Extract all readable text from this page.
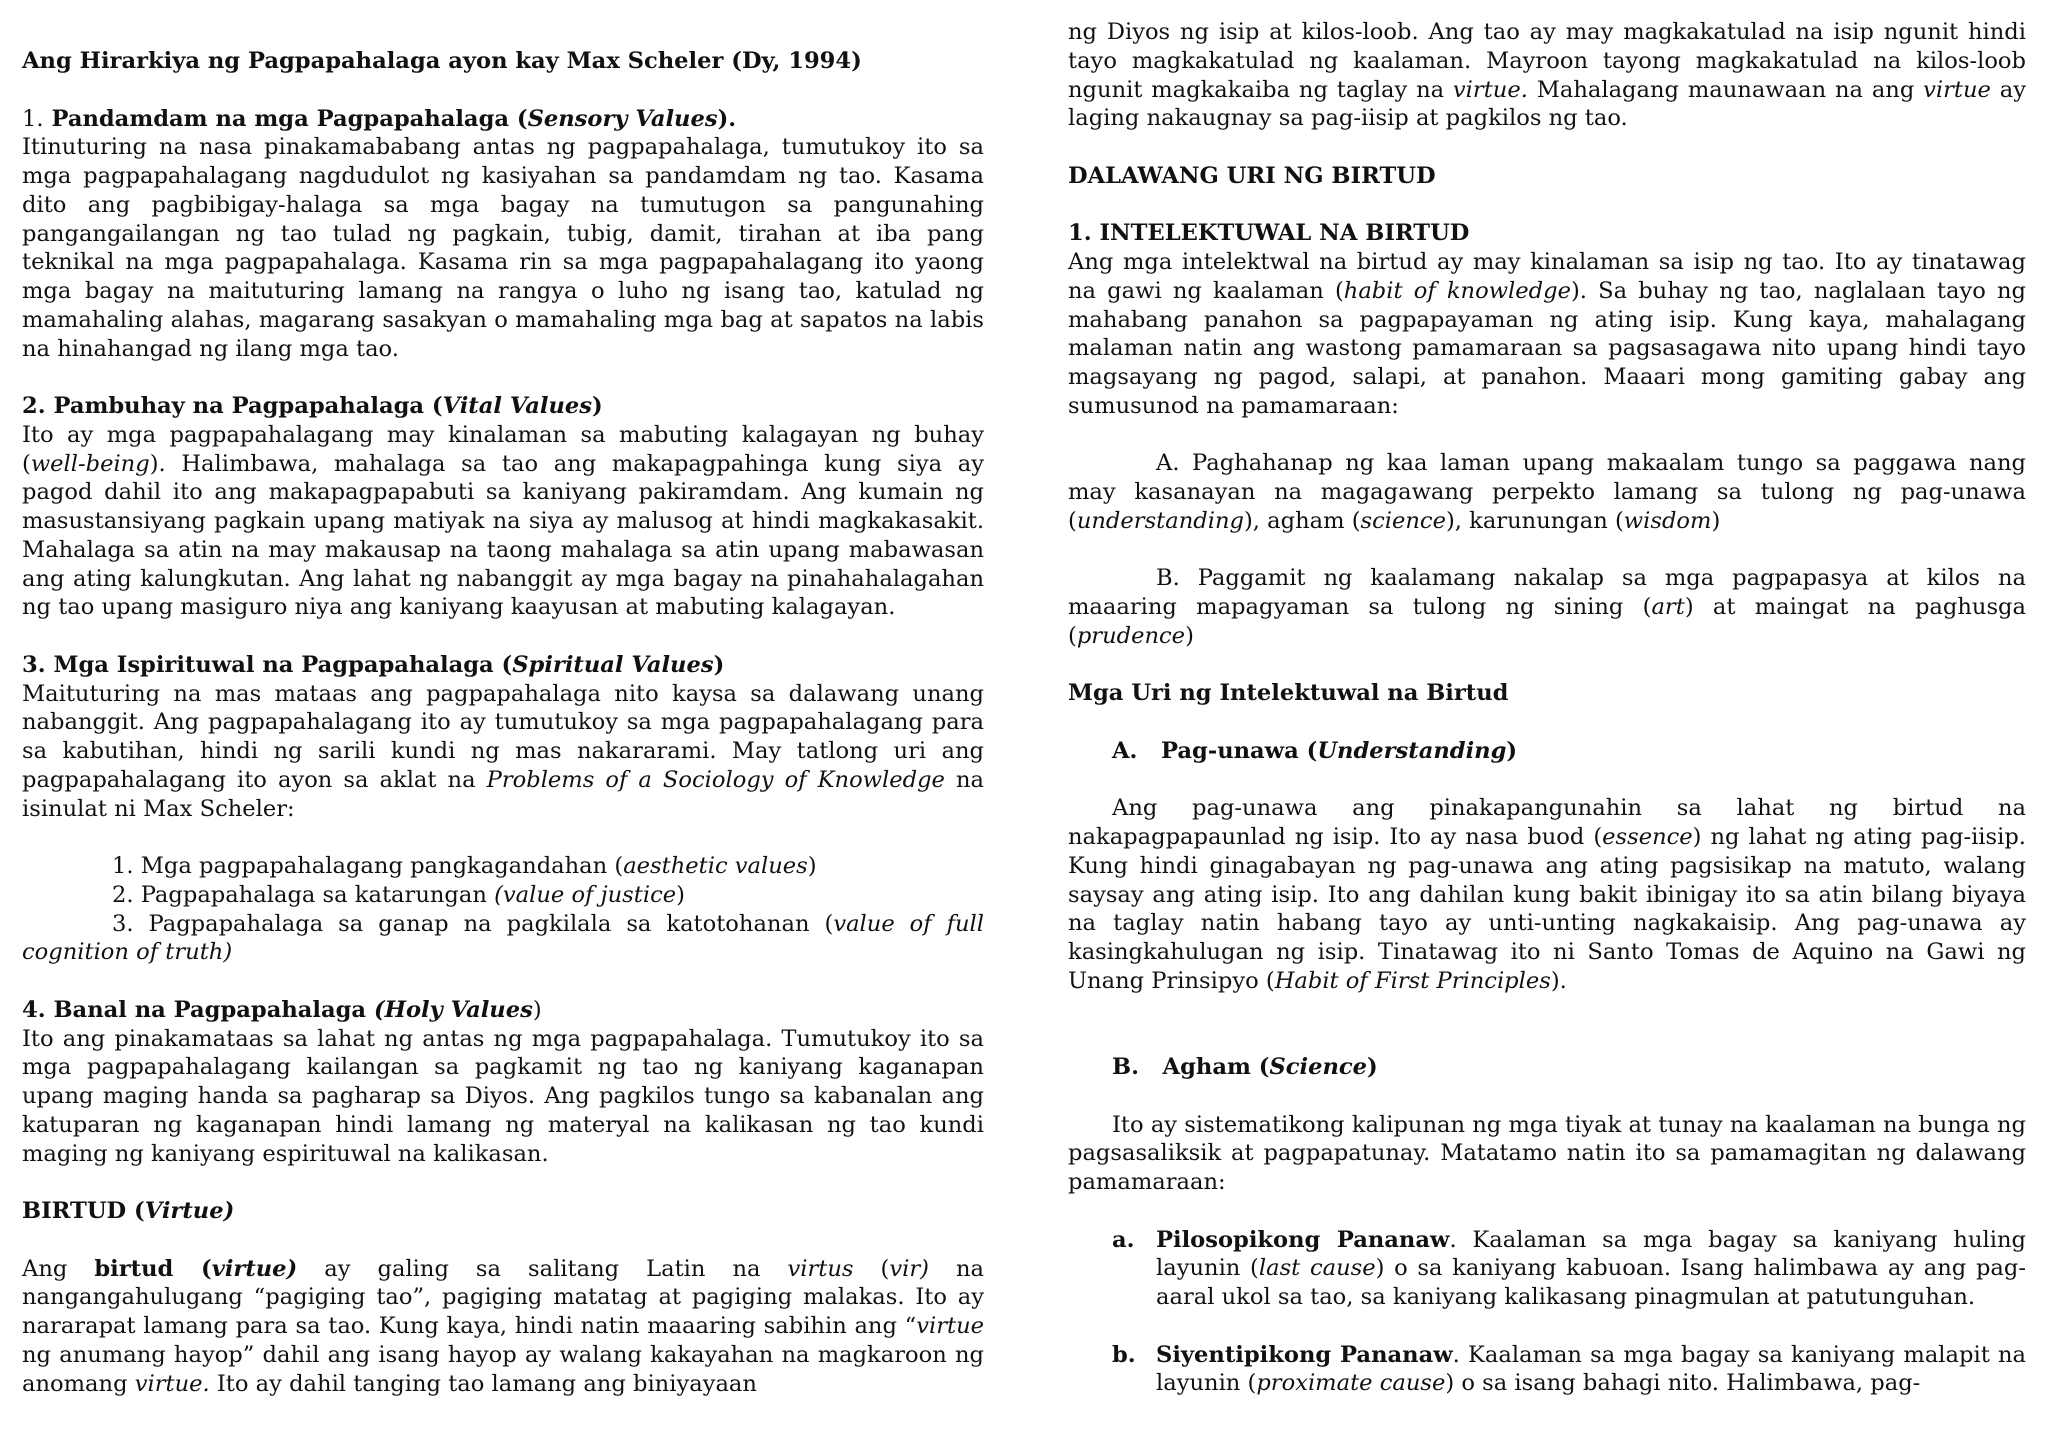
Ang Hirarkiya ng Pagpapahalaga ayon kay Max Scheler (Dy, 1994)

1. Pandamdam na mga Pagpapahalaga (Sensory Values).

Itinuturing na nasa pinakamababang antas ng pagpapahalaga, tumutukoy ito sa mga pagpapahalagang nagdudulot ng kasiyahan sa pandamdam ng tao. Kasama dito ang pagbibigay-halaga sa mga bagay na tumutugon sa pangunahing pangangailangan ng tao tulad ng pagkain, tubig, damit, tirahan at iba pang teknikal na mga pagpapahalaga. Kasama rin sa mga pagpapahalagang ito yaong mga bagay na maituturing lamang na rangya o luho ng isang tao, katulad ng mamahaling alahas, magarang sasakyan o mamahaling mga bag at sapatos na labis na hinahangad ng ilang mga tao.

2. Pambuhay na Pagpapahalaga (Vital Values)

Ito ay mga pagpapahalagang may kinalaman sa mabuting kalagayan ng buhay (well-being). Halimbawa, mahalaga sa tao ang makapagpahinga kung siya ay pagod dahil ito ang makapagpapabuti sa kaniyang pakiramdam. Ang kumain ng masustansiyang pagkain upang matiyak na siya ay malusog at hindi magkakasakit. Mahalaga sa atin na may makausap na taong mahalaga sa atin upang mabawasan ang ating kalungkutan. Ang lahat ng nabanggit ay mga bagay na pinahahalagahan ng tao upang masiguro niya ang kaniyang kaayusan at mabuting kalagayan.

3. Mga Ispirituwal na Pagpapahalaga (Spiritual Values)

Maituturing na mas mataas ang pagpapahalaga nito kaysa sa dalawang unang nabanggit. Ang pagpapahalagang ito ay tumutukoy sa mga pagpapahalagang para sa kabutihan, hindi ng sarili kundi ng mas nakararami. May tatlong uri ang pagpapahalagang ito ayon sa aklat na Problems of a Sociology of Knowledge na isinulat ni Max Scheler:

1. Mga pagpapahalagang pangkagandahan (aesthetic values)

2. Pagpapahalaga sa katarungan (value of justice)

3. Pagpapahalaga sa ganap na pagkilala sa katotohanan (value of full cognition of truth)

4. Banal na Pagpapahalaga (Holy Values)

Ito ang pinakamataas sa lahat ng antas ng mga pagpapahalaga. Tumutukoy ito sa mga pagpapahalagang kailangan sa pagkamit ng tao ng kaniyang kaganapan upang maging handa sa pagharap sa Diyos. Ang pagkilos tungo sa kabanalan ang katuparan ng kaganapan hindi lamang ng materyal na kalikasan ng tao kundi maging ng kaniyang espirituwal na kalikasan.

BIRTUD (Virtue)

Ang birtud (virtue) ay galing sa salitang Latin na virtus (vir) na nangangahulugang “pagiging tao”, pagiging matatag at pagiging malakas. Ito ay nararapat lamang para sa tao. Kung kaya, hindi natin maaaring sabihin ang “virtue ng anumang hayop” dahil ang isang hayop ay walang kakayahan na magkaroon ng anomang virtue. Ito ay dahil tanging tao lamang ang biniyayaan

ng Diyos ng isip at kilos-loob. Ang tao ay may magkakatulad na isip ngunit hindi tayo magkakatulad ng kaalaman. Mayroon tayong magkakatulad na kilos-loob ngunit magkakaiba ng taglay na virtue. Mahalagang maunawaan na ang virtue ay laging nakaugnay sa pag-iisip at pagkilos ng tao.

DALAWANG URI NG BIRTUD

1. INTELEKTUWAL NA BIRTUD

Ang mga intelektwal na birtud ay may kinalaman sa isip ng tao. Ito ay tinatawag na gawi ng kaalaman (habit of knowledge). Sa buhay ng tao, naglalaan tayo ng mahabang panahon sa pagpapayaman ng ating isip. Kung kaya, mahalagang malaman natin ang wastong pamamaraan sa pagsasagawa nito upang hindi tayo magsayang ng pagod, salapi, at panahon. Maaari mong gamiting gabay ang sumusunod na pamamaraan:

A. Paghahanap ng kaa laman upang makaalam tungo sa paggawa nang may kasanayan na magagawang perpekto lamang sa tulong ng pag-unawa (understanding), agham (science), karunungan (wisdom)

B. Paggamit ng kaalamang nakalap sa mga pagpapasya at kilos na maaaring mapagyaman sa tulong ng sining (art) at maingat na paghusga (prudence)

Mga Uri ng Intelektuwal na Birtud

A.   Pag-unawa (Understanding)

Ang pag-unawa ang pinakapangunahin sa lahat ng birtud na nakapagpapaunlad ng isip. Ito ay nasa buod (essence) ng lahat ng ating pag-iisip. Kung hindi ginagabayan ng pag-unawa ang ating pagsisikap na matuto, walang saysay ang ating isip. Ito ang dahilan kung bakit ibinigay ito sa atin bilang biyaya na taglay natin habang tayo ay unti-unting nagkakaisip. Ang pag-unawa ay kasingkahulugan ng isip. Tinatawag ito ni Santo Tomas de Aquino na Gawi ng Unang Prinsipyo (Habit of First Principles).

B.   Agham (Science)

Ito ay sistematikong kalipunan ng mga tiyak at tunay na kaalaman na bunga ng pagsasaliksik at pagpapatunay. Matatamo natin ito sa pamamagitan ng dalawang pamamaraan:

a. Pilosopikong Pananaw. Kaalaman sa mga bagay sa kaniyang huling layunin (last cause) o sa kaniyang kabuoan. Isang halimbawa ay ang pag- aaral ukol sa tao, sa kaniyang kalikasang pinagmulan at patutunguhan.

b. Siyentipikong Pananaw. Kaalaman sa mga bagay sa kaniyang malapit na layunin (proximate cause) o sa isang bahagi nito. Halimbawa, pag-
